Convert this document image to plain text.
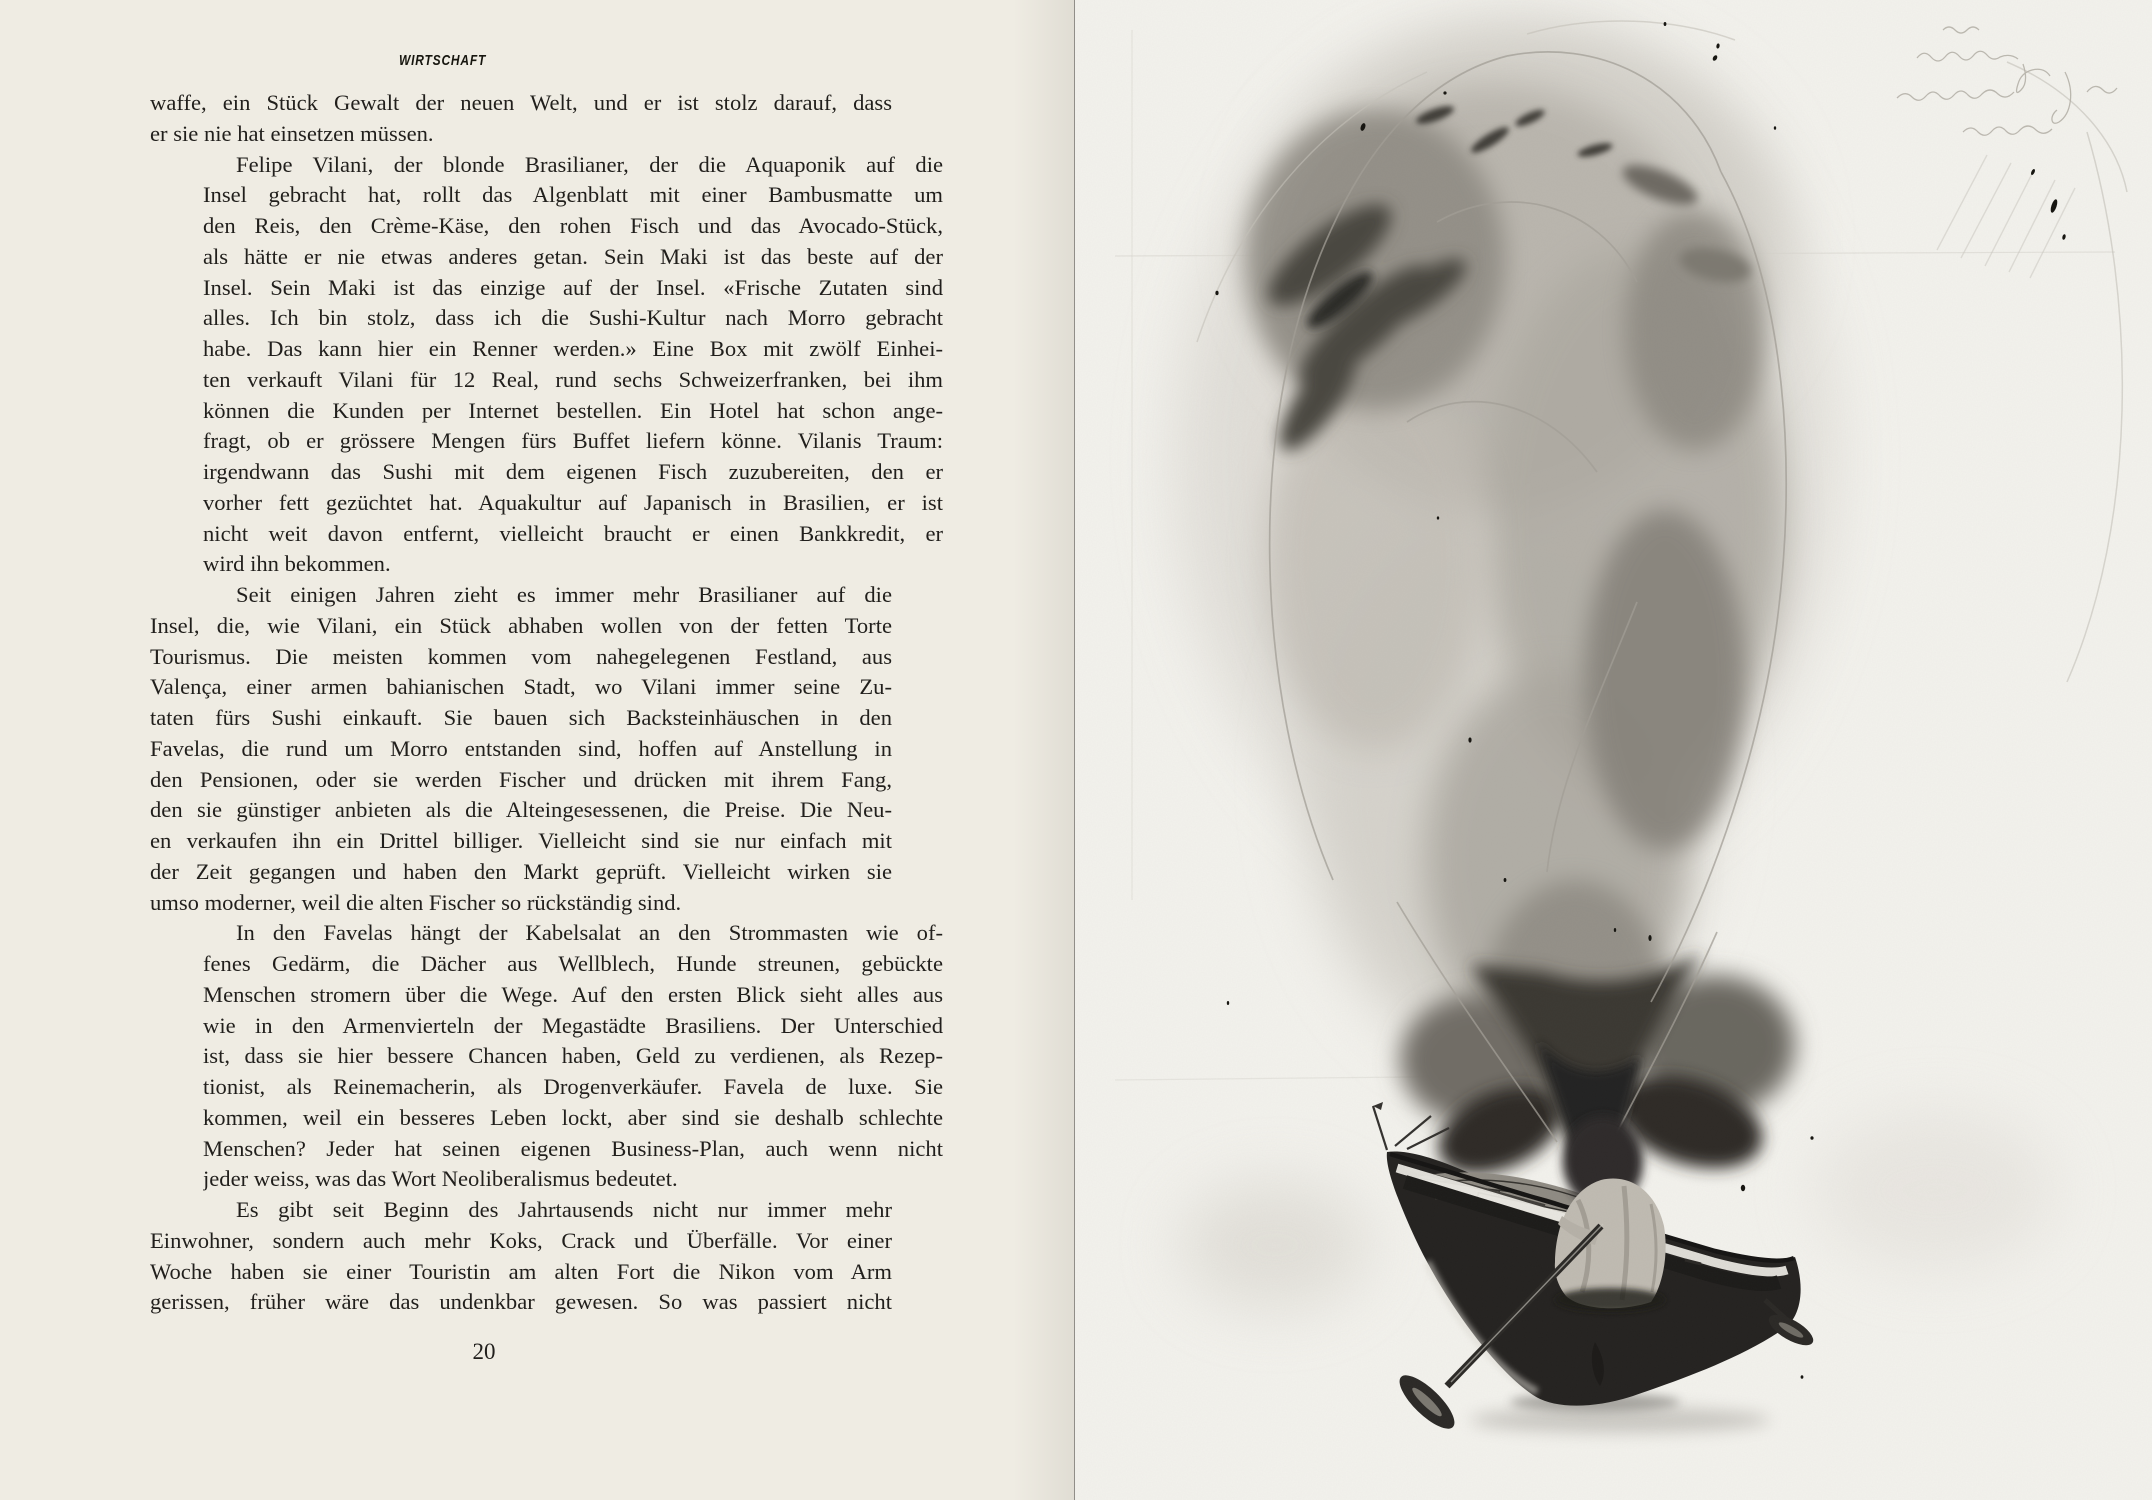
WIRTSCHAFT
waffe, ein Stück Gewalt der neuen Welt, und er ist stolz darauf, dass
er sie nie hat einsetzen müssen.
Felipe Vilani, der blonde Brasilianer, der die Aquaponik auf die
Insel gebracht hat, rollt das Algenblatt mit einer Bambusmatte um
den Reis, den Crème-Käse, den rohen Fisch und das Avocado-Stück,
als hätte er nie etwas anderes getan. Sein Maki ist das beste auf der
Insel. Sein Maki ist das einzige auf der Insel. «Frische Zutaten sind
alles. Ich bin stolz, dass ich die Sushi-Kultur nach Morro gebracht
habe. Das kann hier ein Renner werden.» Eine Box mit zwölf Einhei-
ten verkauft Vilani für 12 Real, rund sechs Schweizerfranken, bei ihm
können die Kunden per Internet bestellen. Ein Hotel hat schon ange-
fragt, ob er grössere Mengen fürs Buffet liefern könne. Vilanis Traum:
irgendwann das Sushi mit dem eigenen Fisch zuzubereiten, den er
vorher fett gezüchtet hat. Aquakultur auf Japanisch in Brasilien, er ist
nicht weit davon entfernt, vielleicht braucht er einen Bankkredit, er
wird ihn bekommen.
Seit einigen Jahren zieht es immer mehr Brasilianer auf die
Insel, die, wie Vilani, ein Stück abhaben wollen von der fetten Torte
Tourismus. Die meisten kommen vom nahegelegenen Festland, aus
Valença, einer armen bahianischen Stadt, wo Vilani immer seine Zu-
taten fürs Sushi einkauft. Sie bauen sich Backsteinhäuschen in den
Favelas, die rund um Morro entstanden sind, hoffen auf Anstellung in
den Pensionen, oder sie werden Fischer und drücken mit ihrem Fang,
den sie günstiger anbieten als die Alteingesessenen, die Preise. Die Neu-
en verkaufen ihn ein Drittel billiger. Vielleicht sind sie nur einfach mit
der Zeit gegangen und haben den Markt geprüft. Vielleicht wirken sie
umso moderner, weil die alten Fischer so rückständig sind.
In den Favelas hängt der Kabelsalat an den Strommasten wie of-
fenes Gedärm, die Dächer aus Wellblech, Hunde streunen, gebückte
Menschen stromern über die Wege. Auf den ersten Blick sieht alles aus
wie in den Armenvierteln der Megastädte Brasiliens. Der Unterschied
ist, dass sie hier bessere Chancen haben, Geld zu verdienen, als Rezep-
tionist, als Reinemacherin, als Drogenverkäufer. Favela de luxe. Sie
kommen, weil ein besseres Leben lockt, aber sind sie deshalb schlechte
Menschen? Jeder hat seinen eigenen Business-Plan, auch wenn nicht
jeder weiss, was das Wort Neoliberalismus bedeutet.
Es gibt seit Beginn des Jahrtausends nicht nur immer mehr
Einwohner, sondern auch mehr Koks, Crack und Überfälle. Vor einer
Woche haben sie einer Touristin am alten Fort die Nikon vom Arm
gerissen, früher wäre das undenkbar gewesen. So was passiert nicht
20
